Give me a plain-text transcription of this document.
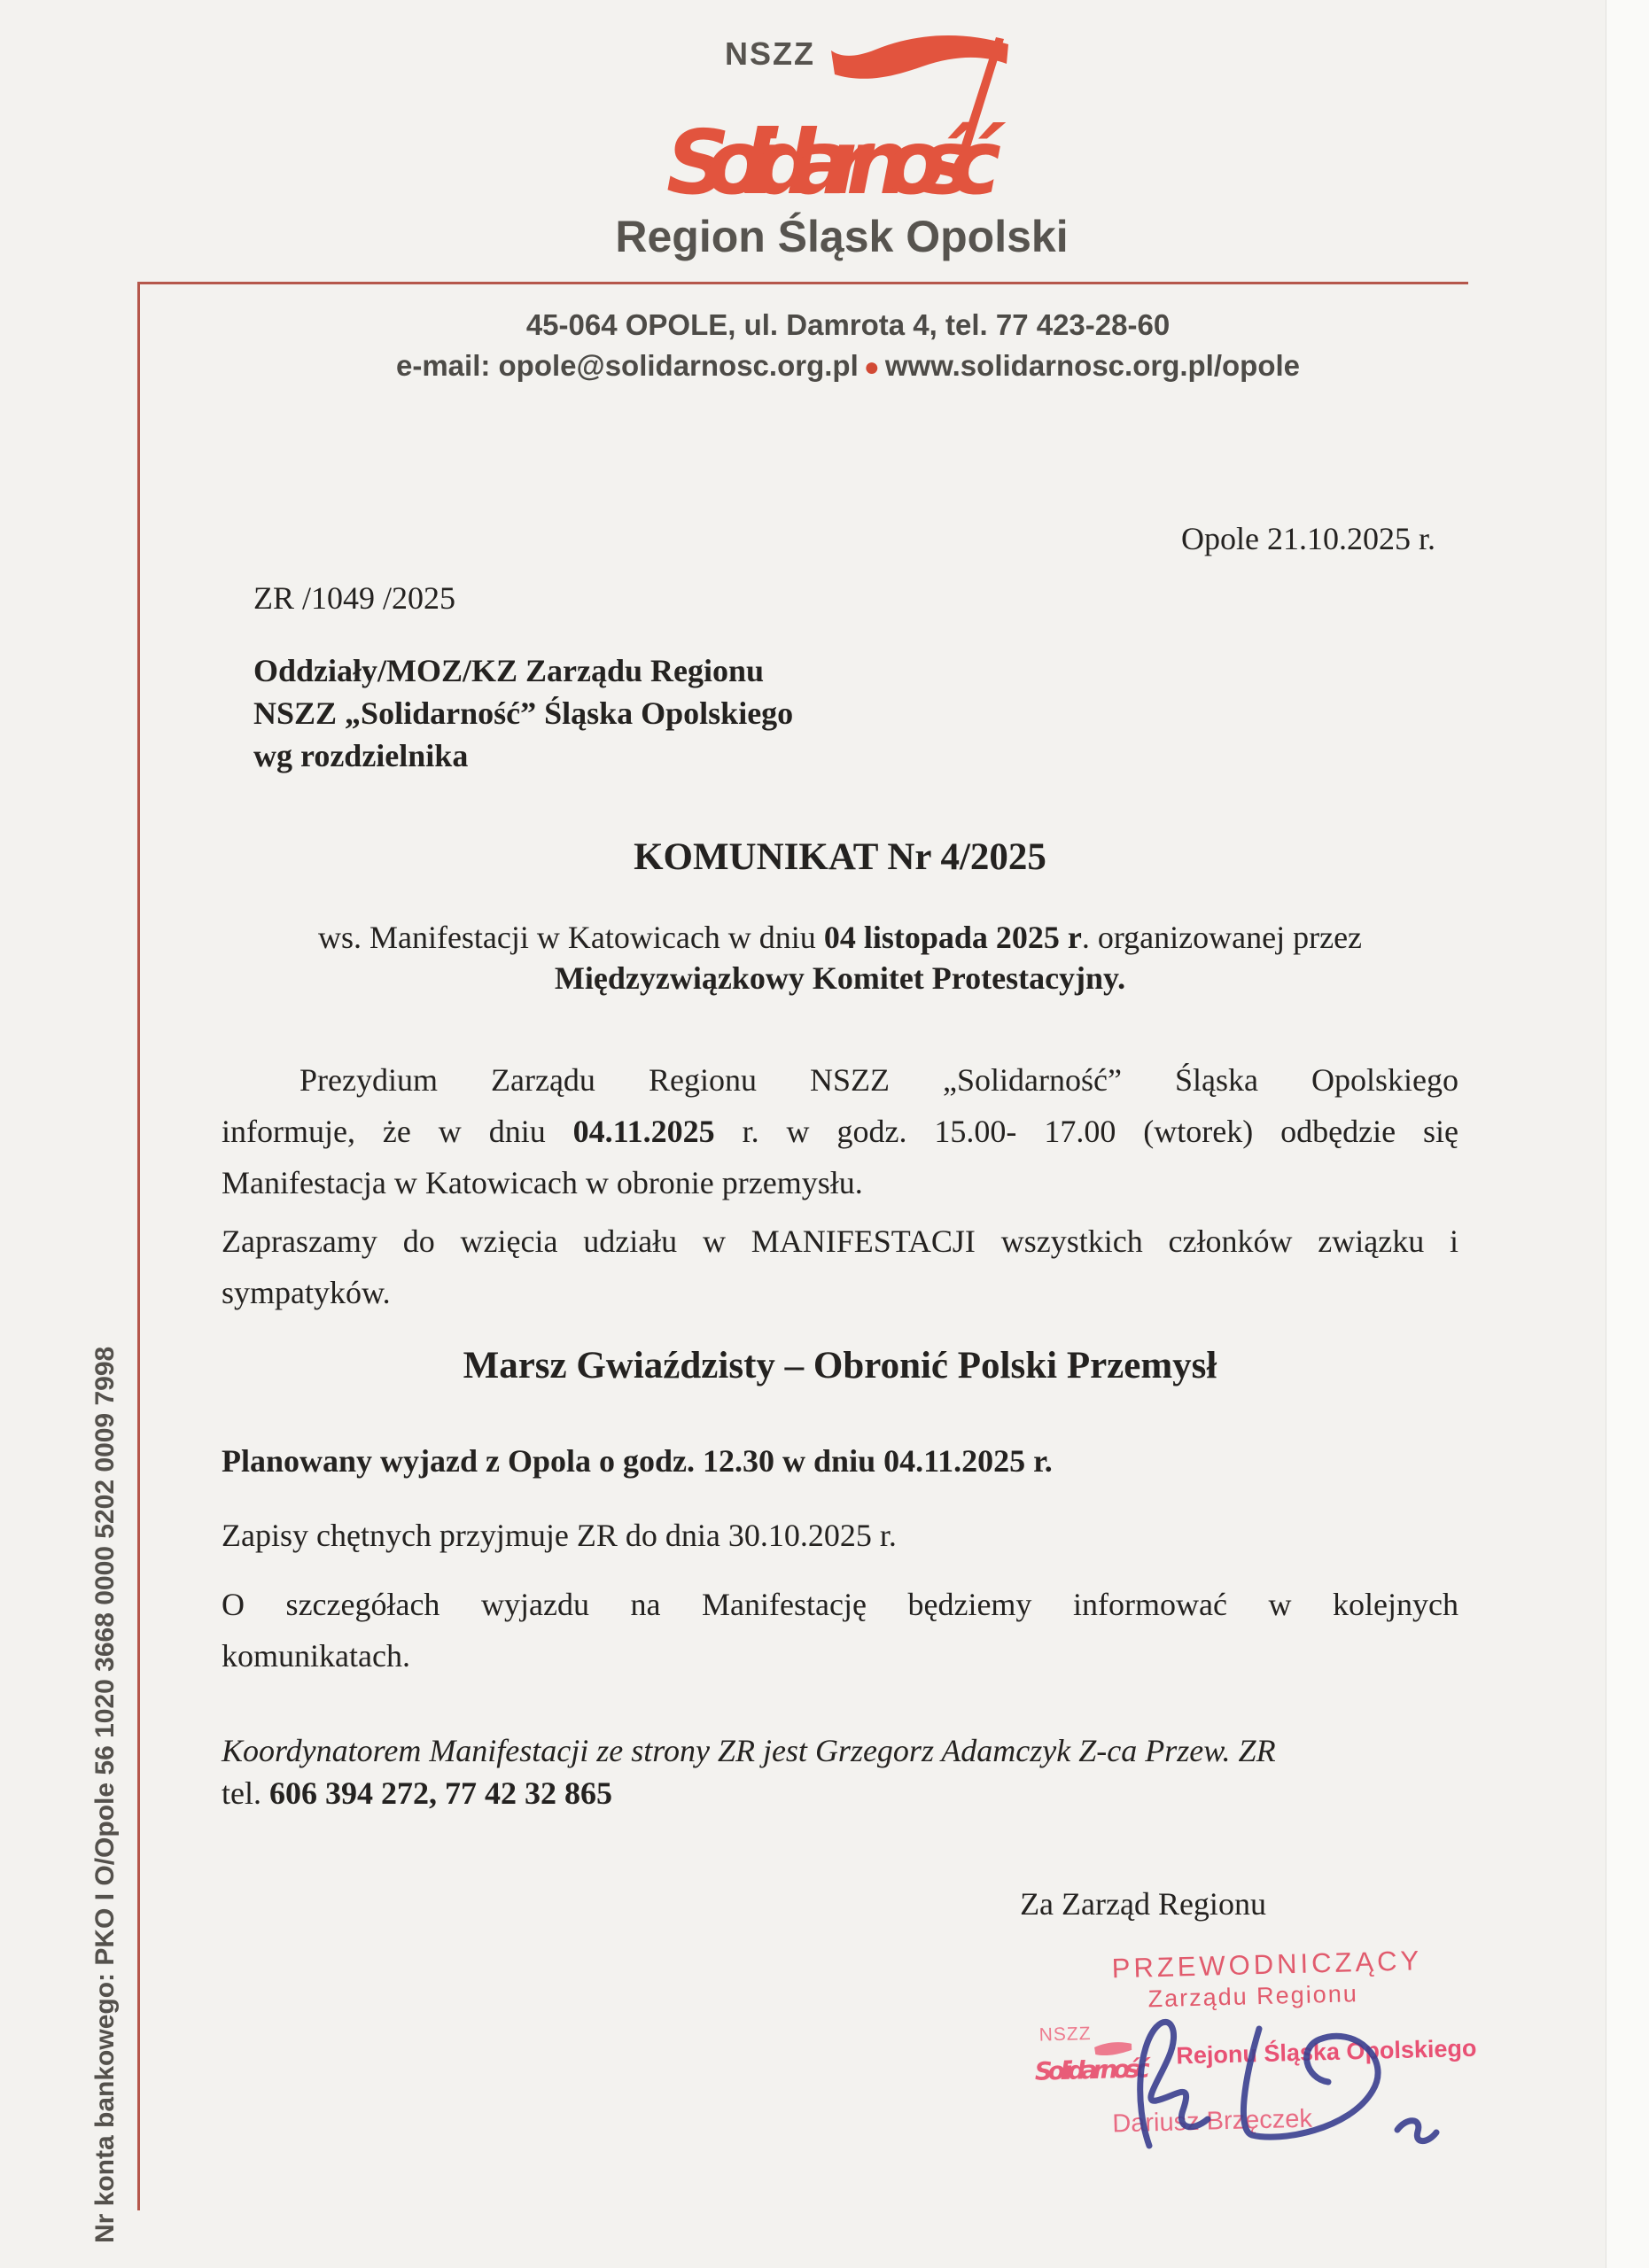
NSZZ
Solidarność
Region Śląsk Opolski
45-064 OPOLE, ul. Damrota 4, tel. 77 423-28-60
e-mail: opole@solidarnosc.org.pl ● www.solidarnosc.org.pl/opole
Opole 21.10.2025 r.
ZR /1049 /2025
Oddziały/MOZ/KZ Zarządu Regionu
NSZZ „Solidarność” Śląska Opolskiego
wg rozdzielnika
KOMUNIKAT Nr 4/2025
ws. Manifestacji w Katowicach w dniu 04 listopada 2025 r. organizowanej przez
Międzyzwiązkowy Komitet Protestacyjny.
Prezydium Zarządu Regionu NSZZ „Solidarność” Śląska Opolskiego
informuje, że w dniu 04.11.2025 r. w godz. 15.00- 17.00 (wtorek) odbędzie się
Manifestacja w Katowicach w obronie przemysłu.
Zapraszamy do wzięcia udziału w MANIFESTACJI wszystkich członków związku i
sympatyków.
Marsz Gwiaździsty – Obronić Polski Przemysł
Planowany wyjazd z Opola o godz. 12.30 w dniu 04.11.2025 r.
Zapisy chętnych przyjmuje ZR do dnia 30.10.2025 r.
O szczegółach wyjazdu na Manifestację będziemy informować w kolejnych
komunikatach.
Koordynatorem Manifestacji ze strony ZR jest Grzegorz Adamczyk Z-ca Przew. ZR
tel. 606 394 272, 77 42 32 865
Za Zarząd Regionu
PRZEWODNICZĄCY
Zarządu Regionu
NSZZ
Solidarność Rejonu Śląska Opolskiego
Dariusz Brzęczek
Nr konta bankowego: PKO I O/Opole 56 1020 3668 0000 5202 0009 7998
